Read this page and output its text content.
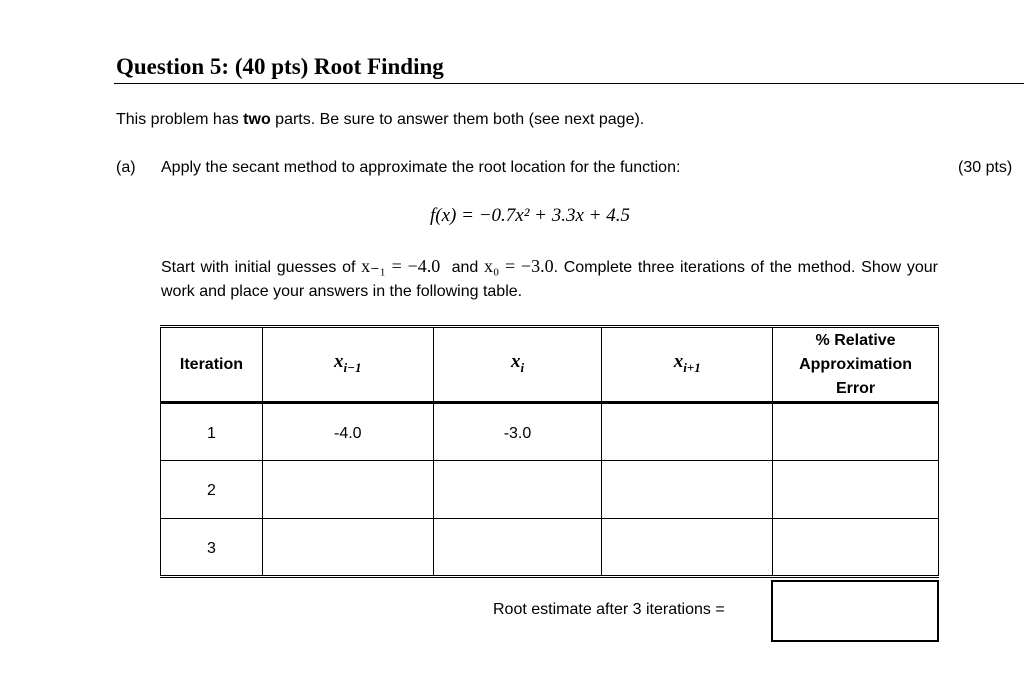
Question 5: (40 pts) Root Finding
This problem has two parts. Be sure to answer them both (see next page).
(a) Apply the secant method to approximate the root location for the function:	(30 pts)
f(x) = −0.7x² + 3.3x + 4.5
Start with initial guesses of x₋₁ = −4.0 and x₀ = −3.0. Complete three iterations of the method. Show your work and place your answers in the following table.
Iteration	$x_{i-1}$	$x_i$	$x_{i+1}$	% Relative
Approximation
Error

1	-4.0	-3.0		
2				
3				
Root estimate after 3 iterations =
